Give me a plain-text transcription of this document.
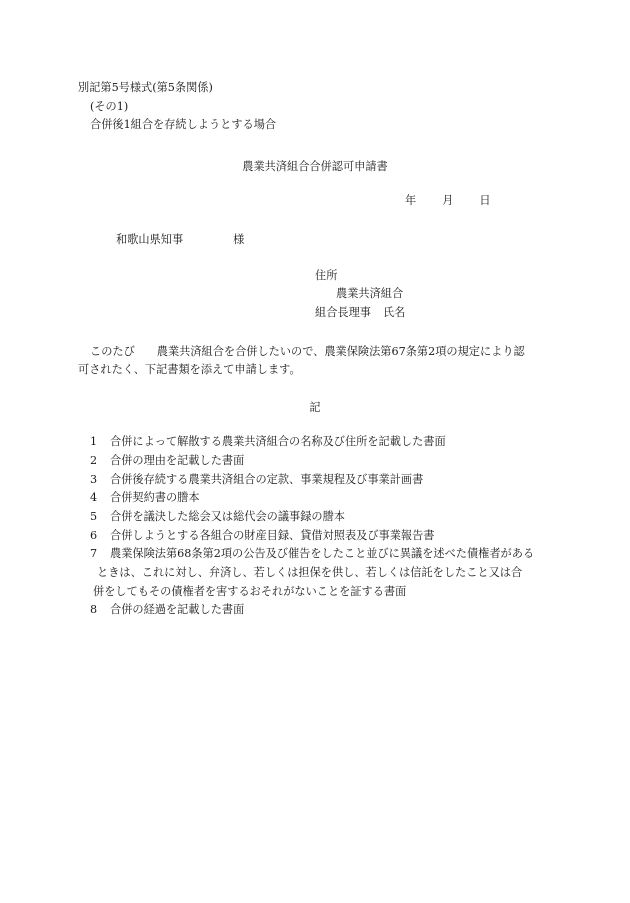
別記第5号様式(第5条関係)

(その1)

合併後1組合を存続しようとする場合

農業共済組合合併認可申請書

年 月 日

和歌山県知事	様

住所

農業共済組合

組合長理事 氏名

このたび 農業共済組合を合併したいので、農業保険法第67条第2項の規定により認

可されたく、下記書類を添えて申請します。

記

1 合併によって解散する農業共済組合の名称及び住所を記載した書面

2 合併の理由を記載した書面

3 合併後存続する農業共済組合の定款、事業規程及び事業計画書

4 合併契約書の謄本

5 合併を議決した総会又は総代会の議事録の謄本

6 合併しようとする各組合の財産目録、貸借対照表及び事業報告書

7 農業保険法第68条第2項の公告及び催告をしたこと並びに異議を述べた債権者がある

ときは、これに対し、弁済し、若しくは担保を供し、若しくは信託をしたこと又は合

併をしてもその債権者を害するおそれがないことを証する書面

8 合併の経過を記載した書面
